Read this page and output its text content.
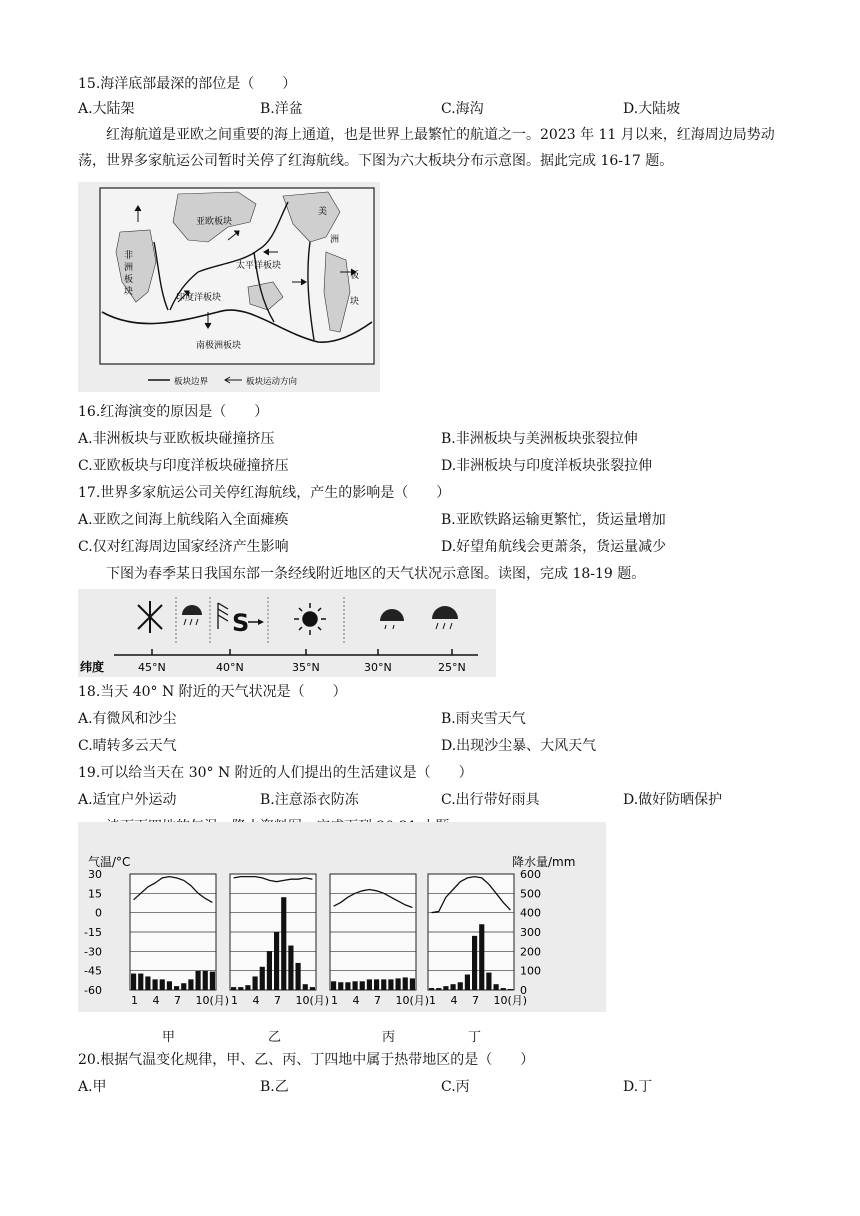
15.海洋底部最深的部位是（　　）
A.大陆架	B.洋盆	C.海沟	D.大陆坡
红海航道是亚欧之间重要的海上通道，也是世界上最繁忙的航道之一。2023 年 11 月以来，红海周边局势动荡，世界多家航运公司暂时关停了红海航线。下图为六大板块分布示意图。据此完成 16-17 题。
亚欧板块
非
洲
板
块
太平洋板块
印度洋板块
南极洲板块
美
洲
板
块
板块边界	板块运动方向
16.红海演变的原因是（　　）
A.非洲板块与亚欧板块碰撞挤压	B.非洲板块与美洲板块张裂拉伸
C.亚欧板块与印度洋板块碰撞挤压	D.非洲板块与印度洋板块张裂拉伸
17.世界多家航运公司关停红海航线，产生的影响是（　　）
A.亚欧之间海上航线陷入全面瘫痪	B.亚欧铁路运输更繁忙，货运量增加
C.仅对红海周边国家经济产生影响	D.好望角航线会更萧条，货运量减少
下图为春季某日我国东部一条经线附近地区的天气状况示意图。读图，完成 18-19 题。
S
纬度	45°N	40°N	35°N	30°N	25°N
18.当天 40° N 附近的天气状况是（　　）
A.有微风和沙尘	B.雨夹雪天气
C.晴转多云天气	D.出现沙尘暴、大风天气
19.可以给当天在 30° N 附近的人们提出的生活建议是（　　）
A.适宜户外运动	B.注意添衣防冻	C.出行带好雨具	D.做好防晒保护
气温/°C	降水量/mm
30
15
0
-15
-30
-45
-60
600
500
400
300
200
100
0
1 4 7 10(月) 1 4 7 10(月) 1 4 7 10(月) 1 4 7 10(月)
甲	乙	丙	丁
20.根据气温变化规律，甲、乙、丙、丁四地中属于热带地区的是（　　）
A.甲	B.乙	C.丙	D.丁
